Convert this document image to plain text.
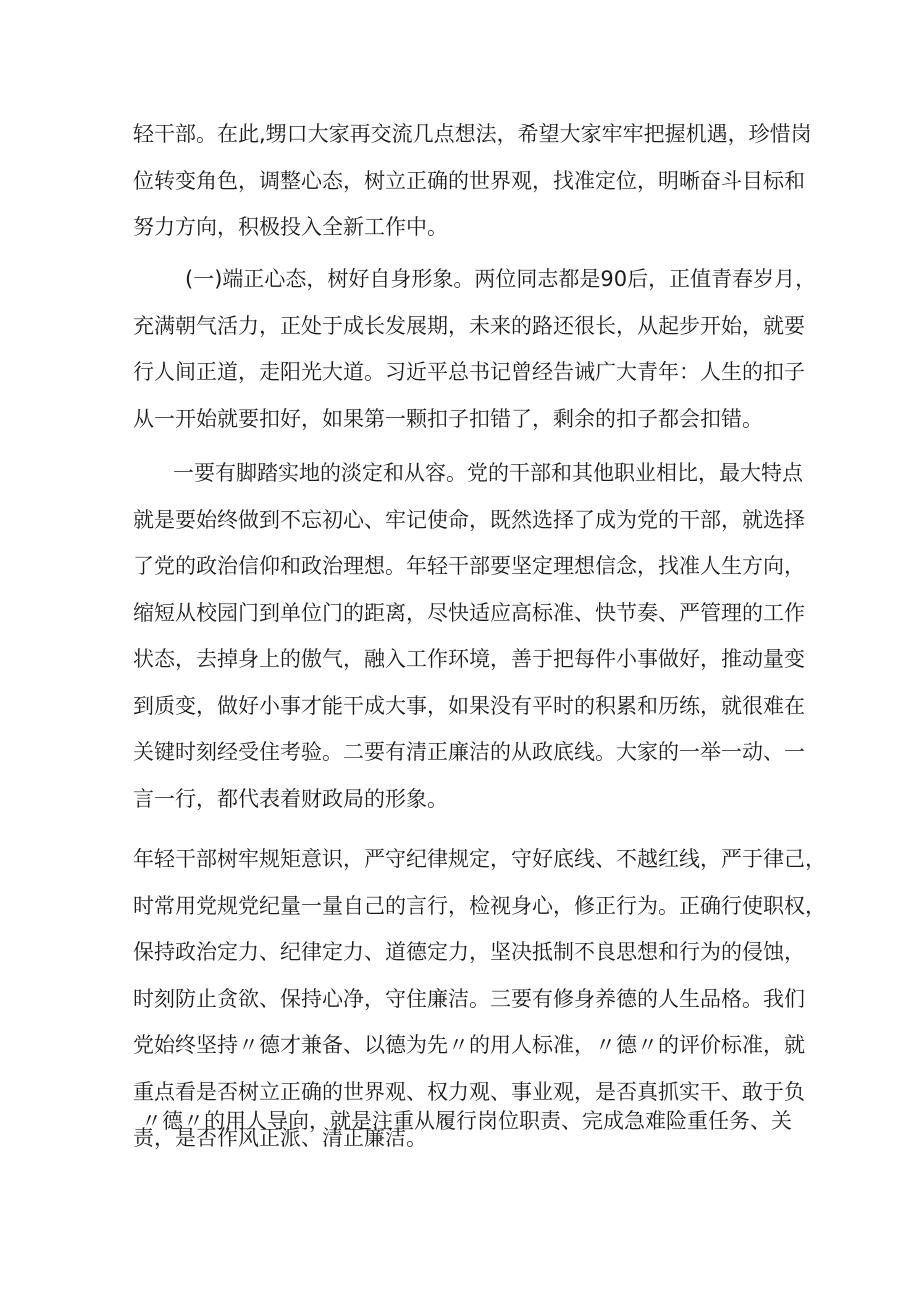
轻干部。在此,甥口大家再交流几点想法，希望大家牢牢把握机遇，珍惜岗
位转变角色，调整心态，树立正确的世界观，找准定位，明晰奋斗目标和
努力方向，积极投入全新工作中。

(一)端正心态，树好自身形象。两位同志都是90后，正值青春岁月，
充满朝气活力，正处于成长发展期，未来的路还很长，从起步开始，就要
行人间正道，走阳光大道。习近平总书记曾经告诫广大青年：人生的扣子
从一开始就要扣好，如果第一颗扣子扣错了，剩余的扣子都会扣错。

一要有脚踏实地的淡定和从容。党的干部和其他职业相比，最大特点
就是要始终做到不忘初心、牢记使命，既然选择了成为党的干部，就选择
了党的政治信仰和政治理想。年轻干部要坚定理想信念，找准人生方向，
缩短从校园门到单位门的距离，尽快适应高标准、快节奏、严管理的工作
状态，去掉身上的傲气，融入工作环境，善于把每件小事做好，推动量变
到质变，做好小事才能干成大事，如果没有平时的积累和历练，就很难在
关键时刻经受住考验。二要有清正廉洁的从政底线。大家的一举一动、一
言一行，都代表着财政局的形象。

年轻干部树牢规矩意识，严守纪律规定，守好底线、不越红线，严于律己，
时常用党规党纪量一量自己的言行，检视身心，修正行为。正确行使职权，
保持政治定力、纪律定力、道德定力，坚决抵制不良思想和行为的侵蚀，
时刻防止贪欲、保持心净，守住廉洁。三要有修身养德的人生品格。我们
党始终坚持〃德才兼备、以德为先〃的用人标准，〃德〃的评价标准，就
重点看是否树立正确的世界观、权力观、事业观，是否真抓实干、敢于负
责，是否作风正派、清正廉洁。

〃德〃的用人导向，就是注重从履行岗位职责、完成急难险重任务、关
